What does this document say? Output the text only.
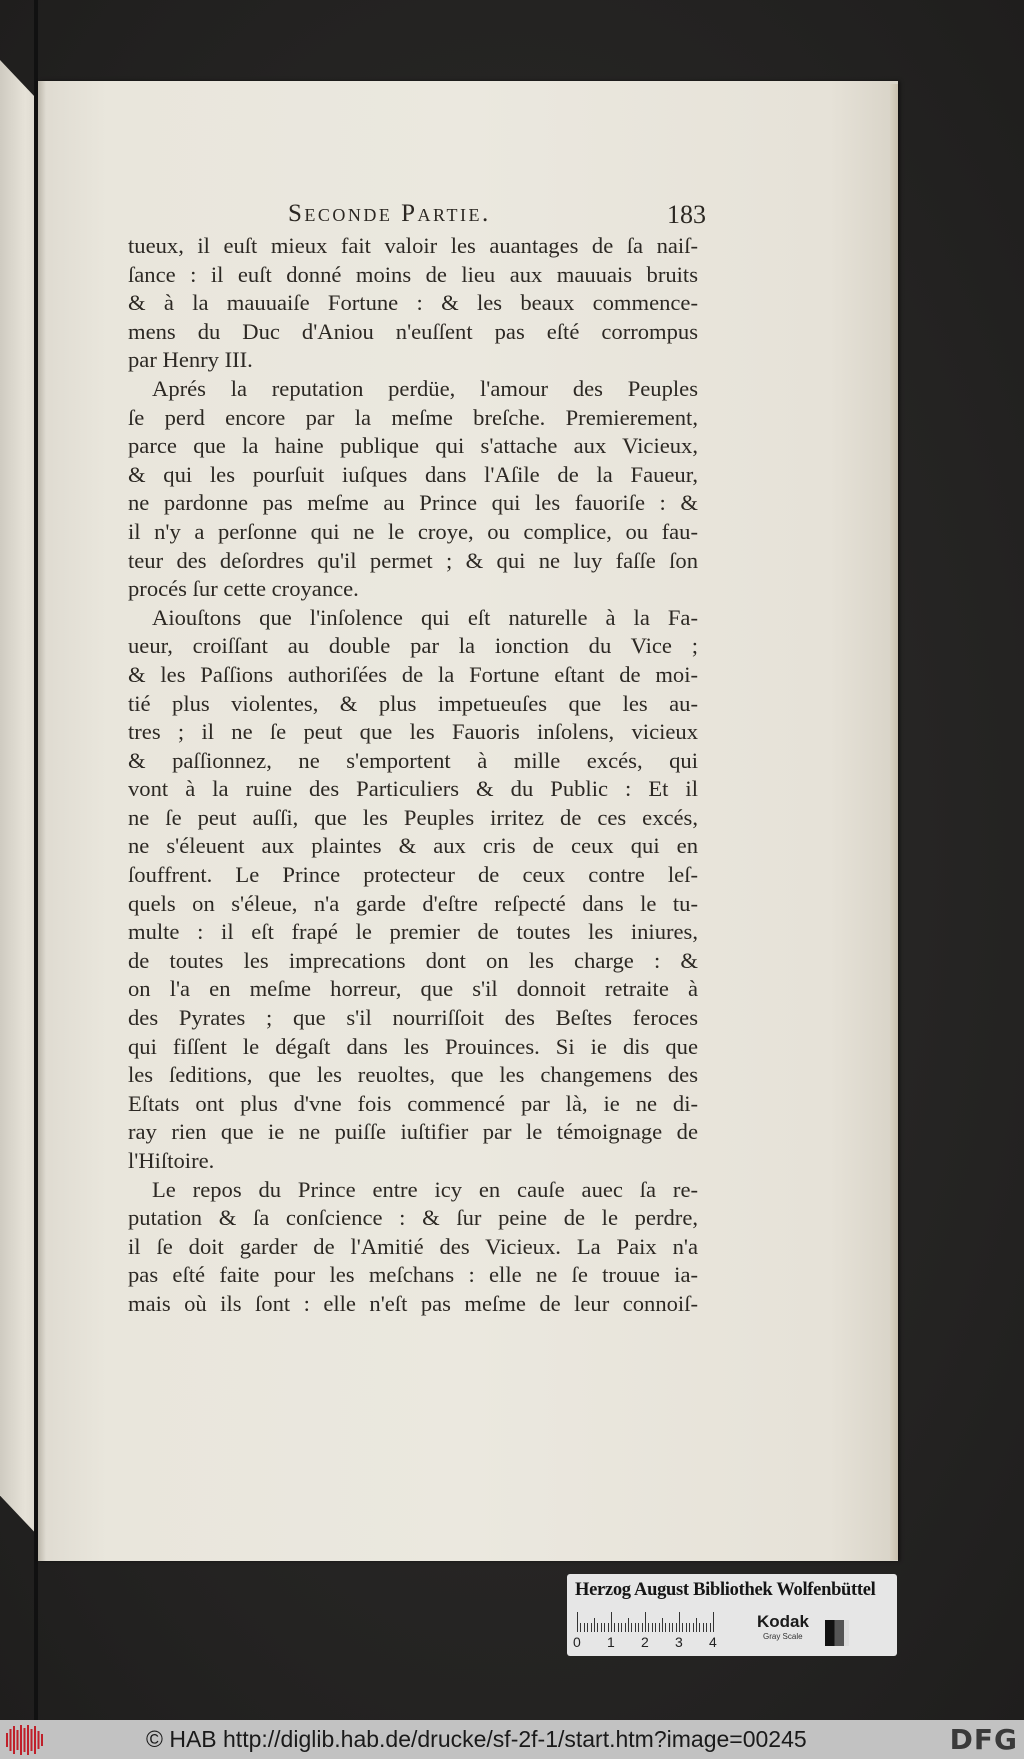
Seconde Partie.	183
tueux, il euſt mieux fait valoir les auantages de ſa naiſ-
ſance : il euſt donné moins de lieu aux mauuais bruits
& à la mauuaiſe Fortune : & les beaux commence-
mens du Duc d'Aniou n'euſſent pas eſté corrompus
par Henry III.
Aprés la reputation perdüe, l'amour des Peuples
ſe perd encore par la meſme breſche. Premierement,
parce que la haine publique qui s'attache aux Vicieux,
& qui les pourſuit iuſques dans l'Aſile de la Faueur,
ne pardonne pas meſme au Prince qui les fauoriſe : &
il n'y a perſonne qui ne le croye, ou complice, ou fau-
teur des deſordres qu'il permet ; & qui ne luy faſſe ſon
procés ſur cette croyance.
Aiouſtons que l'inſolence qui eſt naturelle à la Fa-
ueur, croiſſant au double par la ionction du Vice ;
& les Paſſions authoriſées de la Fortune eſtant de moi-
tié plus violentes, & plus impetueuſes que les au-
tres ; il ne ſe peut que les Fauoris inſolens, vicieux
& paſſionnez, ne s'emportent à mille excés, qui
vont à la ruine des Particuliers & du Public : Et il
ne ſe peut auſſi, que les Peuples irritez de ces excés,
ne s'éleuent aux plaintes & aux cris de ceux qui en
ſouffrent. Le Prince protecteur de ceux contre leſ-
quels on s'éleue, n'a garde d'eſtre reſpecté dans le tu-
multe : il eſt frapé le premier de toutes les iniures,
de toutes les imprecations dont on les charge : &
on l'a en meſme horreur, que s'il donnoit retraite à
des Pyrates ; que s'il nourriſſoit des Beſtes feroces
qui fiſſent le dégaſt dans les Prouinces. Si ie dis que
les ſeditions, que les reuoltes, que les changemens des
Eſtats ont plus d'vne fois commencé par là, ie ne di-
ray rien que ie ne puiſſe iuſtifier par le témoignage de
l'Hiſtoire.
Le repos du Prince entre icy en cauſe auec ſa re-
putation & ſa conſcience : & ſur peine de le perdre,
il ſe doit garder de l'Amitié des Vicieux. La Paix n'a
pas eſté faite pour les meſchans : elle ne ſe trouue ia-
mais où ils ſont : elle n'eſt pas meſme de leur connoiſ-
Herzog August Bibliothek Wolfenbüttel
0 1 2 3 4
Kodak
Gray Scale
© HAB http://diglib.hab.de/drucke/sf-2f-1/start.htm?image=00245	DFG
